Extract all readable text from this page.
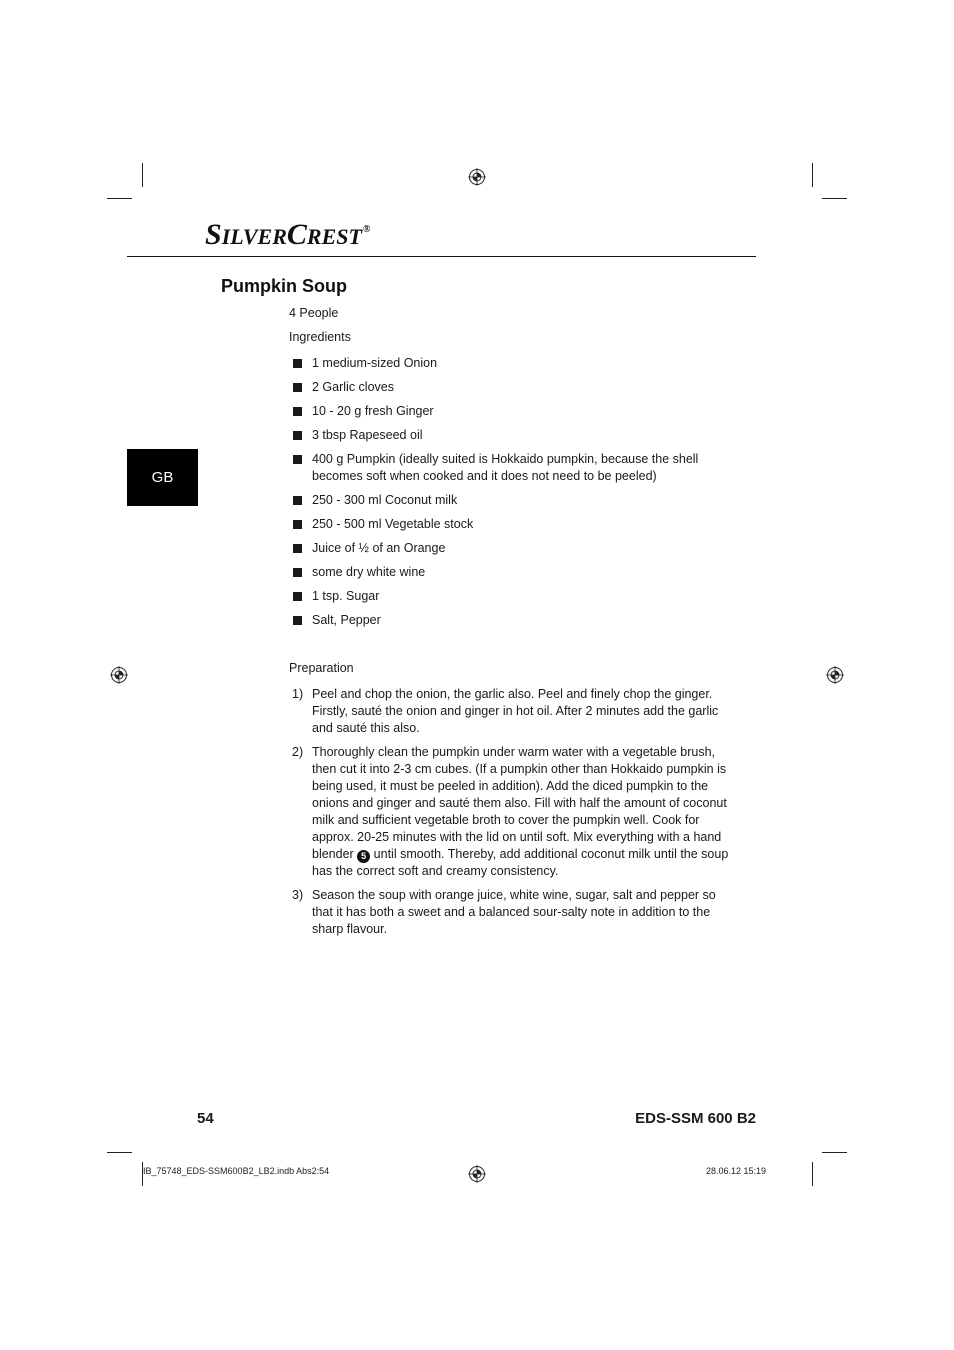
SILVERCREST®
Pumpkin Soup
GB
4 People
Ingredients
1 medium-sized Onion
2 Garlic cloves
10 - 20 g fresh Ginger
3 tbsp Rapeseed oil
400 g Pumpkin (ideally suited is Hokkaido pumpkin, because the shell becomes soft when cooked and it does not need to be peeled)
250 - 300 ml Coconut milk
250 - 500 ml Vegetable stock
Juice of ½ of an Orange
some dry white wine
1 tsp. Sugar
Salt, Pepper
Preparation
1) Peel and chop the onion, the garlic also. Peel and finely chop the ginger. Firstly, sauté the onion and ginger in hot oil. After 2 minutes add the garlic and sauté this also.
2) Thoroughly clean the pumpkin under warm water with a vegetable brush, then cut it into 2-3 cm cubes. (If a pumpkin other than Hokkaido pumpkin is being used, it must be peeled in addition). Add the diced pumpkin to the onions and ginger and sauté them also. Fill with half the amount of coconut milk and sufficient vegetable broth to cover the pumpkin well. Cook for approx. 20-25 minutes with the lid on until soft. Mix everything with a hand blender 5 until smooth. Thereby, add additional coconut milk until the soup has the correct soft and creamy consistency.
3) Season the soup with orange juice, white wine, sugar, salt and pepper so that it has both a sweet and a balanced sour-salty note in addition to the sharp flavour.
54	EDS-SSM 600 B2
IB_75748_EDS-SSM600B2_LB2.indb Abs2:54	28.06.12 15:19
